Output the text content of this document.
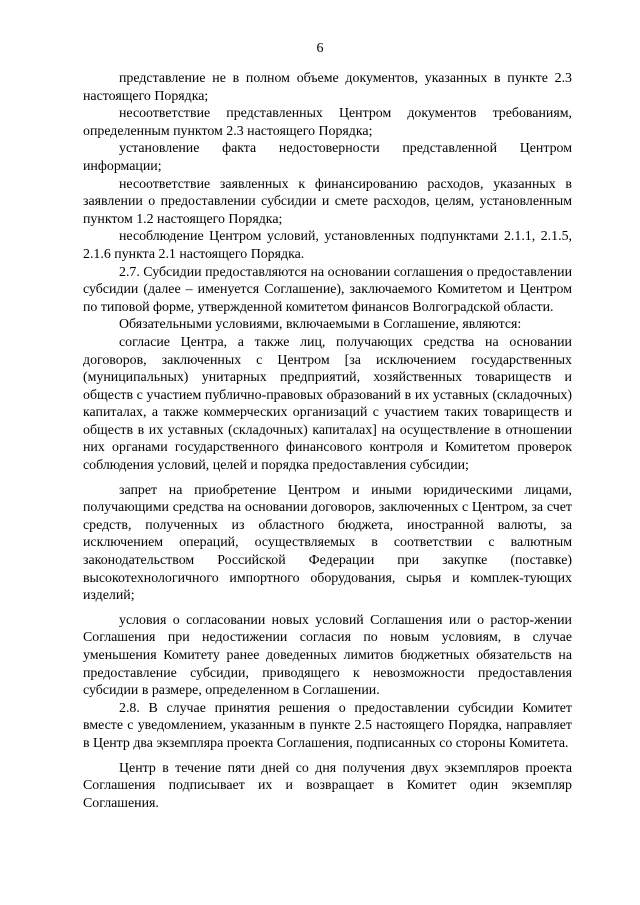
6

представление не в полном объеме документов, указанных в пункте 2.3 настоящего Порядка;

несоответствие представленных Центром документов требованиям, определенным пунктом 2.3 настоящего Порядка;

установление факта недостоверности представленной Центром информации;

несоответствие заявленных к финансированию расходов, указанных в заявлении о предоставлении субсидии и смете расходов, целям, установленным пунктом 1.2 настоящего Порядка;

несоблюдение Центром условий, установленных подпунктами 2.1.1, 2.1.5, 2.1.6 пункта 2.1 настоящего Порядка.

2.7. Субсидии предоставляются на основании соглашения о предоставлении субсидии (далее – именуется Соглашение), заключаемого Комитетом и Центром по типовой форме, утвержденной комитетом финансов Волгоградской области.

Обязательными условиями, включаемыми в Соглашение, являются:

согласие Центра, а также лиц, получающих средства на основании договоров, заключенных с Центром [за исключением государственных (муниципальных) унитарных предприятий, хозяйственных товариществ и обществ с участием публично-правовых образований в их уставных (складочных) капиталах, а также коммерческих организаций с участием таких товариществ и обществ в их уставных (складочных) капиталах] на осуществление в отношении них органами государственного финансового контроля и Комитетом проверок соблюдения условий, целей и порядка предоставления субсидии;

запрет на приобретение Центром и иными юридическими лицами, получающими средства на основании договоров, заключенных с Центром, за счет средств, полученных из областного бюджета, иностранной валюты, за исключением операций, осуществляемых в соответствии с валютным законодательством Российской Федерации при закупке (поставке) высокотехнологичного импортного оборудования, сырья и комплек-тующих изделий;

условия о согласовании новых условий Соглашения или о растор-жении Соглашения при недостижении согласия по новым условиям, в случае уменьшения Комитету ранее доведенных лимитов бюджетных обязательств на предоставление субсидии, приводящего к невозможности предоставления субсидии в размере, определенном в Соглашении.

2.8. В случае принятия решения о предоставлении субсидии Комитет вместе с уведомлением, указанным в пункте 2.5 настоящего Порядка, направляет в Центр два экземпляра проекта Соглашения, подписанных со стороны Комитета.

Центр в течение пяти дней со дня получения двух экземпляров проекта Соглашения подписывает их и возвращает в Комитет один экземпляр Соглашения.
